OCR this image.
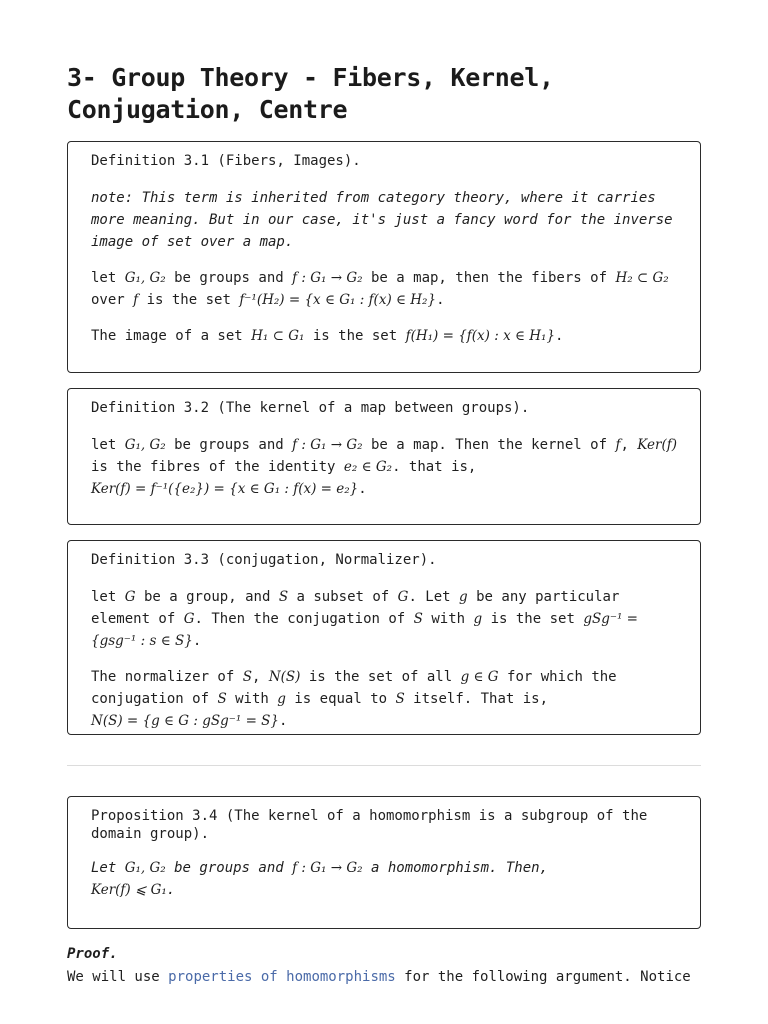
3- Group Theory - Fibers, Kernel, Conjugation, Centre
Definition 3.1 (Fibers, Images).
note: This term is inherited from category theory, where it carries more meaning. But in our case, it's just a fancy word for the inverse image of set over a map.
let G₁, G₂ be groups and f : G₁ → G₂ be a map, then the fibers of H₂ ⊂ G₂ over f is the set f⁻¹(H₂) = {x ∈ G₁ : f(x) ∈ H₂}.
The image of a set H₁ ⊂ G₁ is the set f(H₁) = {f(x) : x ∈ H₁}.
Definition 3.2 (The kernel of a map between groups).
let G₁, G₂ be groups and f : G₁ → G₂ be a map. Then the kernel of f, Ker(f) is the fibres of the identity e₂ ∈ G₂. that is,
Ker(f) = f⁻¹({e₂}) = {x ∈ G₁ : f(x) = e₂}.
Definition 3.3 (conjugation, Normalizer).
let G be a group, and S a subset of G. Let g be any particular element of G. Then the conjugation of S with g is the set gSg⁻¹ = {gsg⁻¹ : s ∈ S}.
The normalizer of S, N(S) is the set of all g ∈ G for which the conjugation of S with g is equal to S itself. That is,
N(S) = {g ∈ G : gSg⁻¹ = S}.
Proposition 3.4 (The kernel of a homomorphism is a subgroup of the domain group).
Let G₁, G₂ be groups and f : G₁ → G₂ a homomorphism. Then,
Ker(f) ⩽ G₁.
Proof.
We will use properties of homomorphisms for the following argument. Notice
